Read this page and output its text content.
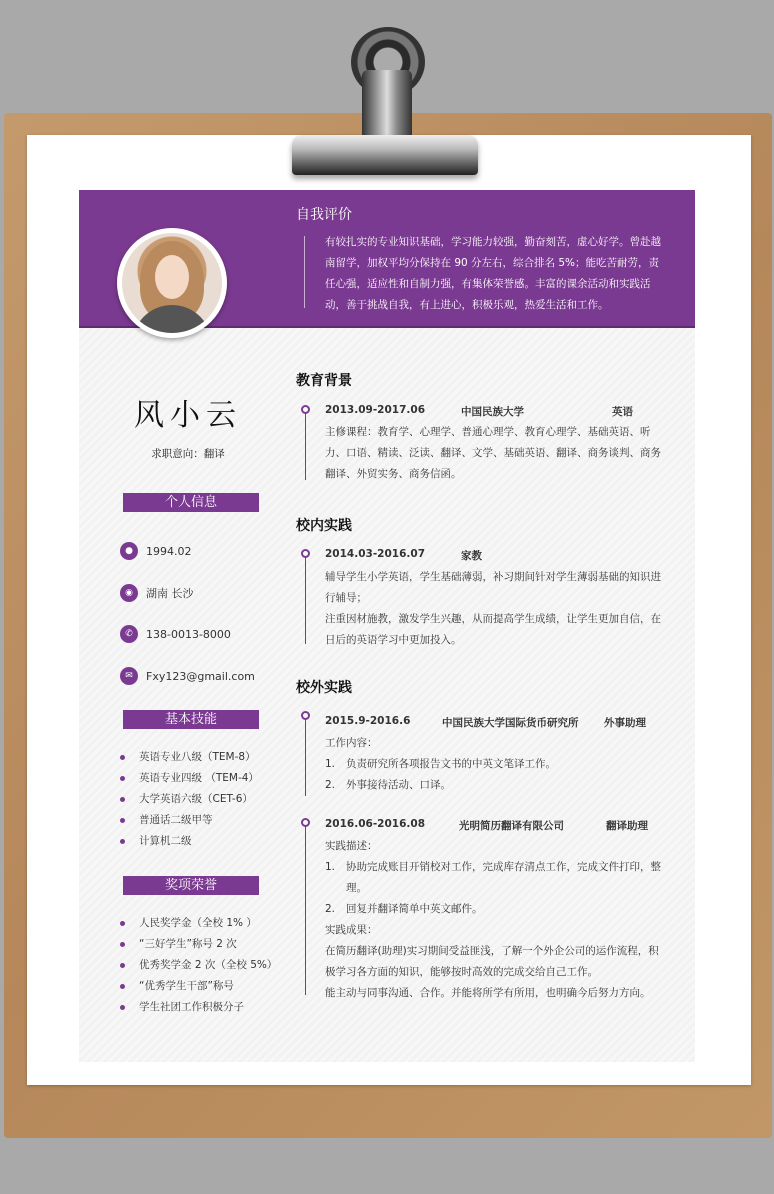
自我评价
有较扎实的专业知识基础，学习能力较强，勤奋刻苦，虚心好学。曾赴越南留学，加权平均分保持在 90 分左右，综合排名 5%；能吃苦耐劳，责任心强，适应性和自制力强，有集体荣誉感。丰富的课余活动和实践活动，善于挑战自我，有上进心，积极乐观，热爱生活和工作。
风小云
求职意向：翻译
个人信息
●	1994.02
◉	湖南 长沙
✆	138-0013-8000
✉	Fxy123@gmail.com
基本技能
英语专业八级（TEM-8）
英语专业四级 （TEM-4）
大学英语六级（CET-6）
普通话二级甲等
计算机二级
奖项荣誉
人民奖学金（全校 1% ）
“三好学生”称号 2 次
优秀奖学金 2 次（全校 5%）
“优秀学生干部”称号
学生社团工作积极分子
教育背景
2013.09-2017.06	中国民族大学	英语
主修课程：教育学、心理学、普通心理学、教育心理学、基础英语、听力、口语、精读、泛读、翻译、文学、基础英语、翻译、商务谈判、商务翻译、外贸实务、商务信函。
校内实践
2014.03-2016.07	家教
辅导学生小学英语，学生基础薄弱，补习期间针对学生薄弱基础的知识进行辅导；
注重因材施教，激发学生兴趣，从而提高学生成绩，让学生更加自信，在日后的英语学习中更加投入。
校外实践
2015.9-2016.6	中国民族大学国际货币研究所 外事助理
工作内容：
1.	负责研究所各项报告文书的中英文笔译工作。
2.	外事接待活动、口译。
2016.06-2016.08	光明简历翻译有限公司	翻译助理
实践描述：
1.	协助完成账目开销校对工作，完成库存清点工作，完成文件打印，整理。
2.	回复并翻译简单中英文邮件。
实践成果：
在简历翻译(助理)实习期间受益匪浅，了解一个外企公司的运作流程，积极学习各方面的知识，能够按时高效的完成交给自己工作。
能主动与同事沟通、合作。并能将所学有所用，也明确今后努力方向。
